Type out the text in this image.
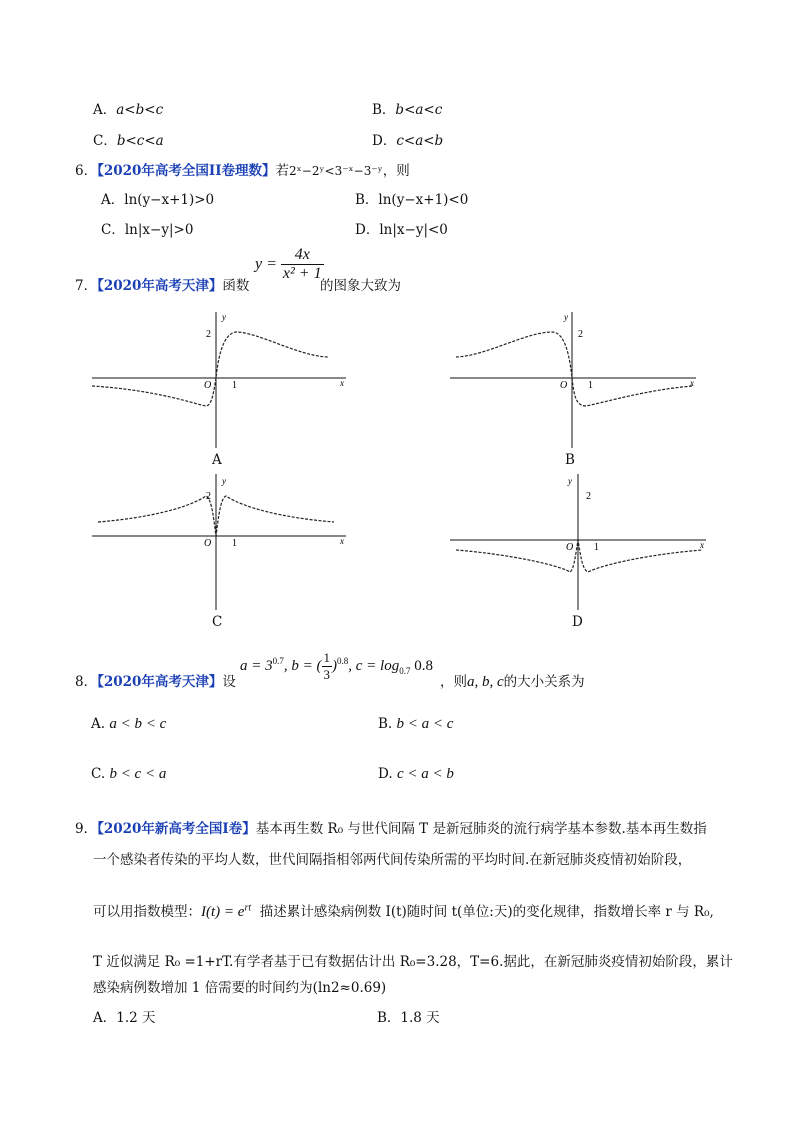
A．a<b<c	B．b<a<c
C．b<c<a	D．c<a<b
6．【2020年高考全国II卷理数】若2ˣ−2ʸ<3⁻ˣ−3⁻ʸ，则
A．ln(y−x+1)>0	B．ln(y−x+1)<0
C．ln|x−y|>0	D．ln|x−y|<0
7．【2020年高考天津】函数
$y = \frac{4x}{\text{x² + 1}}$
的图象大致为
2
y
O 1	x
A
2
y
O 1	x
B
2
y
O 1	x
C
2
y
O 1	x
D
8．【2020年高考天津】设
$a = 3^{0.7}$, b = ( $\frac{1}{3} )^{0.8}$, $c = \log_{0.7} 0.8$
，则a, b, c的大小关系为
A. a < b < c	B. b < a < c
C. b < c < a	D. c < a < b
9．【2020年新高考全国Ⅰ卷】基本再生数 R₀ 与世代间隔 T 是新冠肺炎的流行病学基本参数.基本再生数指
一个感染者传染的平均人数，世代间隔指相邻两代间传染所需的平均时间.在新冠肺炎疫情初始阶段，
可以用指数模型：$I(t) = e^{rt}$ 描述累计感染病例数 I(t)随时间 t(单位:天)的变化规律，指数增长率 r 与 R₀,
T 近似满足 R₀ =1+rT.有学者基于已有数据估计出 R₀=3.28，T=6.据此，在新冠肺炎疫情初始阶段，累计
感染病例数增加 1 倍需要的时间约为(ln2≈0.69)
A．1.2 天	B．1.8 天
